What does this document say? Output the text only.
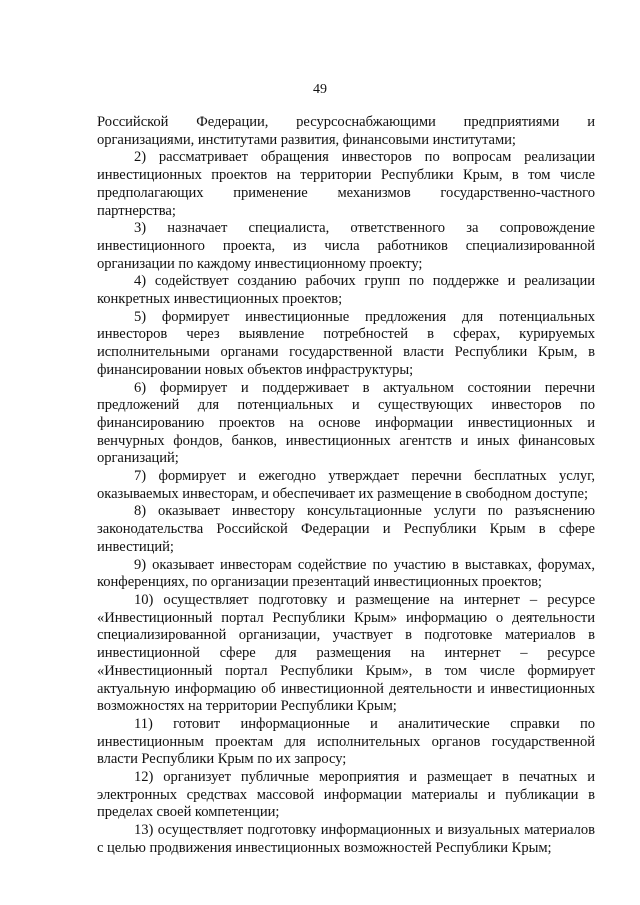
49

Российской Федерации, ресурсоснабжающими предприятиями и организациями, институтами развития, финансовыми институтами;

2) рассматривает обращения инвесторов по вопросам реализации инвестиционных проектов на территории Республики Крым, в том числе предполагающих применение механизмов государственно-частного партнерства;

3) назначает специалиста, ответственного за сопровождение инвестиционного проекта, из числа работников специализированной организации по каждому инвестиционному проекту;

4) содействует созданию рабочих групп по поддержке и реализации конкретных инвестиционных проектов;

5) формирует инвестиционные предложения для потенциальных инвесторов через выявление потребностей в сферах, курируемых исполнительными органами государственной власти Республики Крым, в финансировании новых объектов инфраструктуры;

6) формирует и поддерживает в актуальном состоянии перечни предложений для потенциальных и существующих инвесторов по финансированию проектов на основе информации инвестиционных и венчурных фондов, банков, инвестиционных агентств и иных финансовых организаций;

7) формирует и ежегодно утверждает перечни бесплатных услуг, оказываемых инвесторам, и обеспечивает их размещение в свободном доступе;

8) оказывает инвестору консультационные услуги по разъяснению законодательства Российской Федерации и Республики Крым в сфере инвестиций;

9) оказывает инвесторам содействие по участию в выставках, форумах, конференциях, по организации презентаций инвестиционных проектов;

10) осуществляет подготовку и размещение на интернет – ресурсе «Инвестиционный портал Республики Крым» информацию о деятельности специализированной организации, участвует в подготовке материалов в инвестиционной сфере для размещения на интернет – ресурсе «Инвестиционный портал Республики Крым», в том числе формирует актуальную информацию об инвестиционной деятельности и инвестиционных возможностях на территории Республики Крым;

11) готовит информационные и аналитические справки по инвестиционным проектам для исполнительных органов государственной власти Республики Крым по их запросу;

12) организует публичные мероприятия и размещает в печатных и электронных средствах массовой информации материалы и публикации в пределах своей компетенции;

13) осуществляет подготовку информационных и визуальных материалов с целью продвижения инвестиционных возможностей Республики Крым;
